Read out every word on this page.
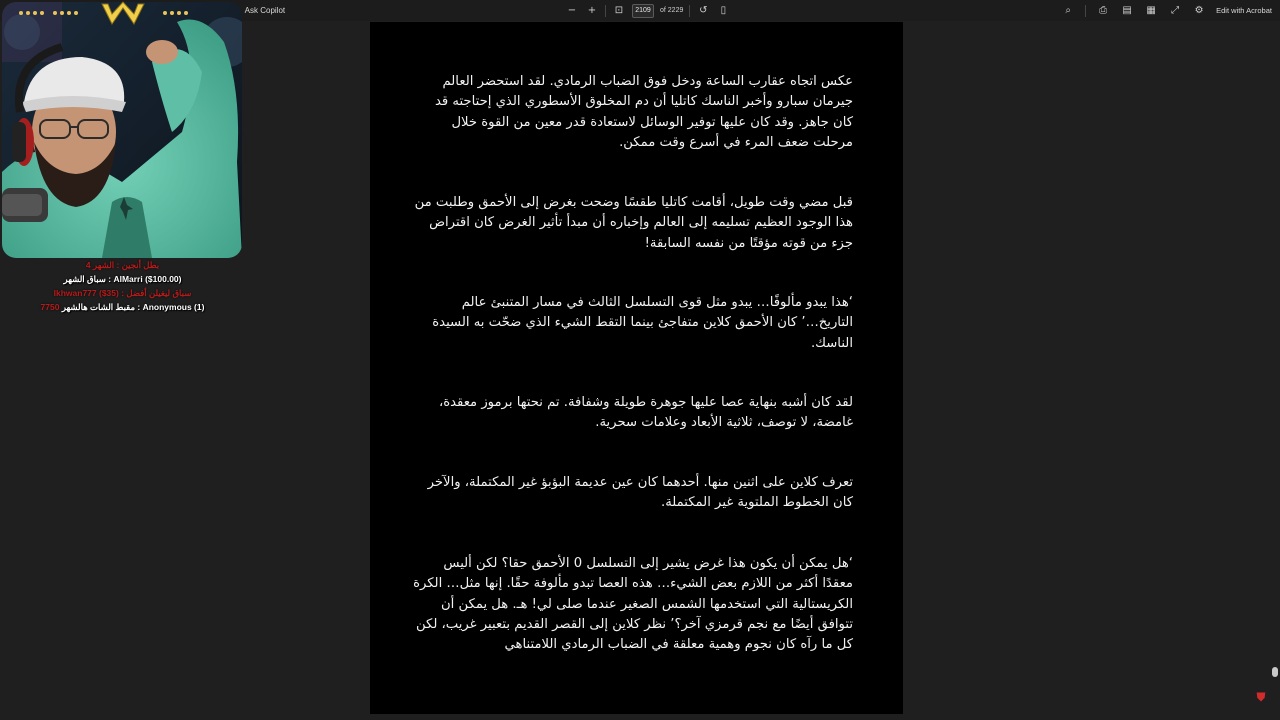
Ask Copilot	− + ⊡	2109	of 2229 ↺	▯	⌕	⎙	▤ ▦	⤢	⚙	Edit with Acrobat
4 بطل أنجين : الشهر
سباق الشهر : AlMarri ($100.00)
Ikhwan777 ($35) : سباق ليغيلن أفضل
7750 مقبط الشات هالشهر : Anonymous (1)

عكس اتجاه عقارب الساعة ودخل فوق الضباب الرمادي. لقد استحضر العالم جيرمان سبارو وأخبر الناسك كاتليا أن دم المخلوق الأسطوري الذي إحتاجته قد كان جاهز. وقد كان عليها توفير الوسائل لاستعادة قدر معين من القوة خلال مرحلت ضعف المرء في أسرع وقت ممكن.

قبل مضي وقت طويل، أقامت كاتليا طقسًا وضحت بغرض إلى الأحمق وطلبت من هذا الوجود العظيم تسليمه إلى العالم وإخباره أن مبدأ تأثير الغرض كان اقتراض جزء من قوته مؤقتًا من نفسه السابقة!

‘هذا يبدو مألوفًا… يبدو مثل قوى التسلسل الثالث في مسار المتنبئ عالم التاريخ…’ كان الأحمق كلاين متفاجئ بينما التقط الشيء الذي ضحّت به السيدة الناسك.

لقد كان أشبه بنهاية عصا عليها جوهرة طويلة وشفافة. تم نحتها برموز معقدة، غامضة، لا توصف، ثلاثية الأبعاد وعلامات سحرية.

تعرف كلاين على اثنين منها. أحدهما كان عين عديمة البؤبؤ غير المكتملة، والآخر كان الخطوط الملتوية غير المكتملة.

‘هل يمكن أن يكون هذا غرض يشير إلى التسلسل 0 الأحمق حقا؟ لكن أليس معقدًا أكثر من اللازم بعض الشيء… هذه العصا تبدو مألوفة حقًا. إنها مثل… الكرة الكريستالية التي استخدمها الشمس الصغير عندما صلى لي! هـ. هل يمكن أن تتوافق أيضًا مع نجم قرمزي آخر؟’ نظر كلاين إلى القصر القديم بتعبير غريب، لكن كل ما رآه كان نجوم وهمية معلقة في الضباب الرمادي اللامتناهي

⛊
